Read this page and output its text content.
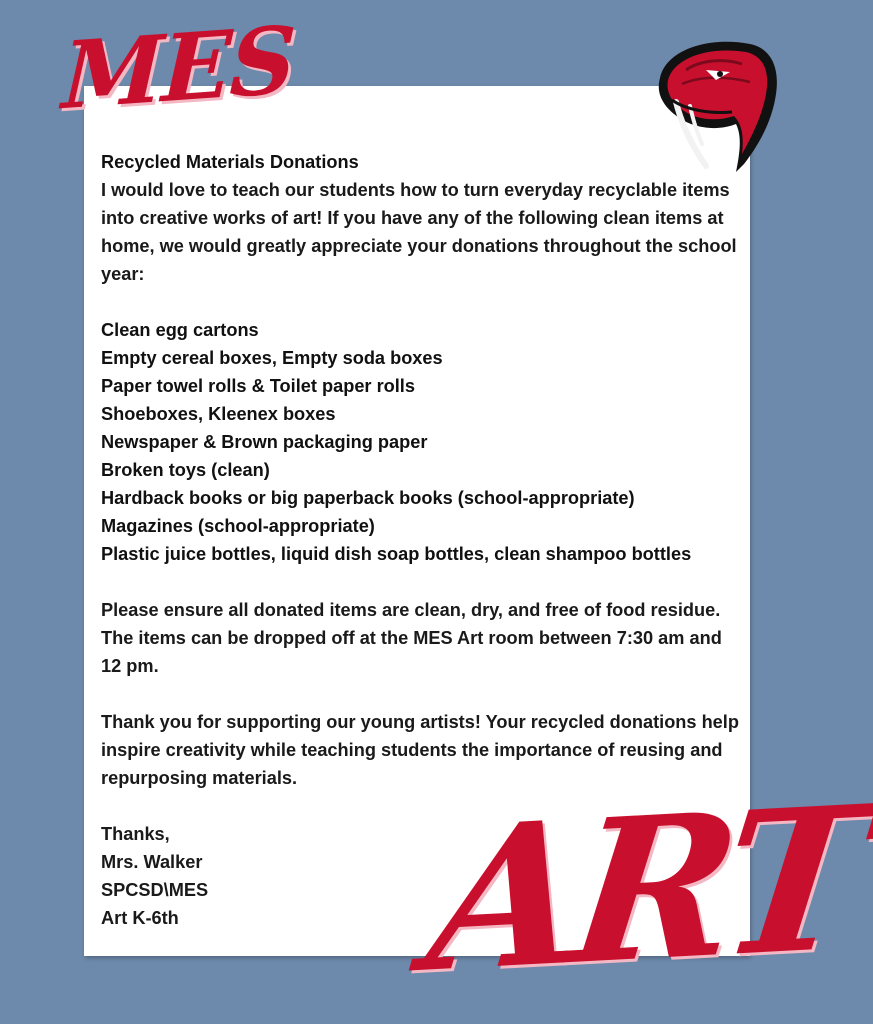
MES

Recycled Materials Donations

I would love to teach our students how to turn everyday recyclable items into creative works of art! If you have any of the following clean items at home, we would greatly appreciate your donations throughout the school year:

Clean egg cartons
Empty cereal boxes, Empty soda boxes
Paper towel rolls & Toilet paper rolls
Shoeboxes, Kleenex boxes
Newspaper & Brown packaging paper
Broken toys (clean)
Hardback books or big paperback books (school-appropriate)
Magazines (school-appropriate)
Plastic juice bottles, liquid dish soap bottles, clean shampoo bottles

Please ensure all donated items are clean, dry, and free of food residue. The items can be dropped off at the MES Art room between 7:30 am and 12 pm.

Thank you for supporting our young artists! Your recycled donations help inspire creativity while teaching students the importance of reusing and repurposing materials.

Thanks,

Mrs. Walker

SPCSD\MES

Art K-6th	ART
